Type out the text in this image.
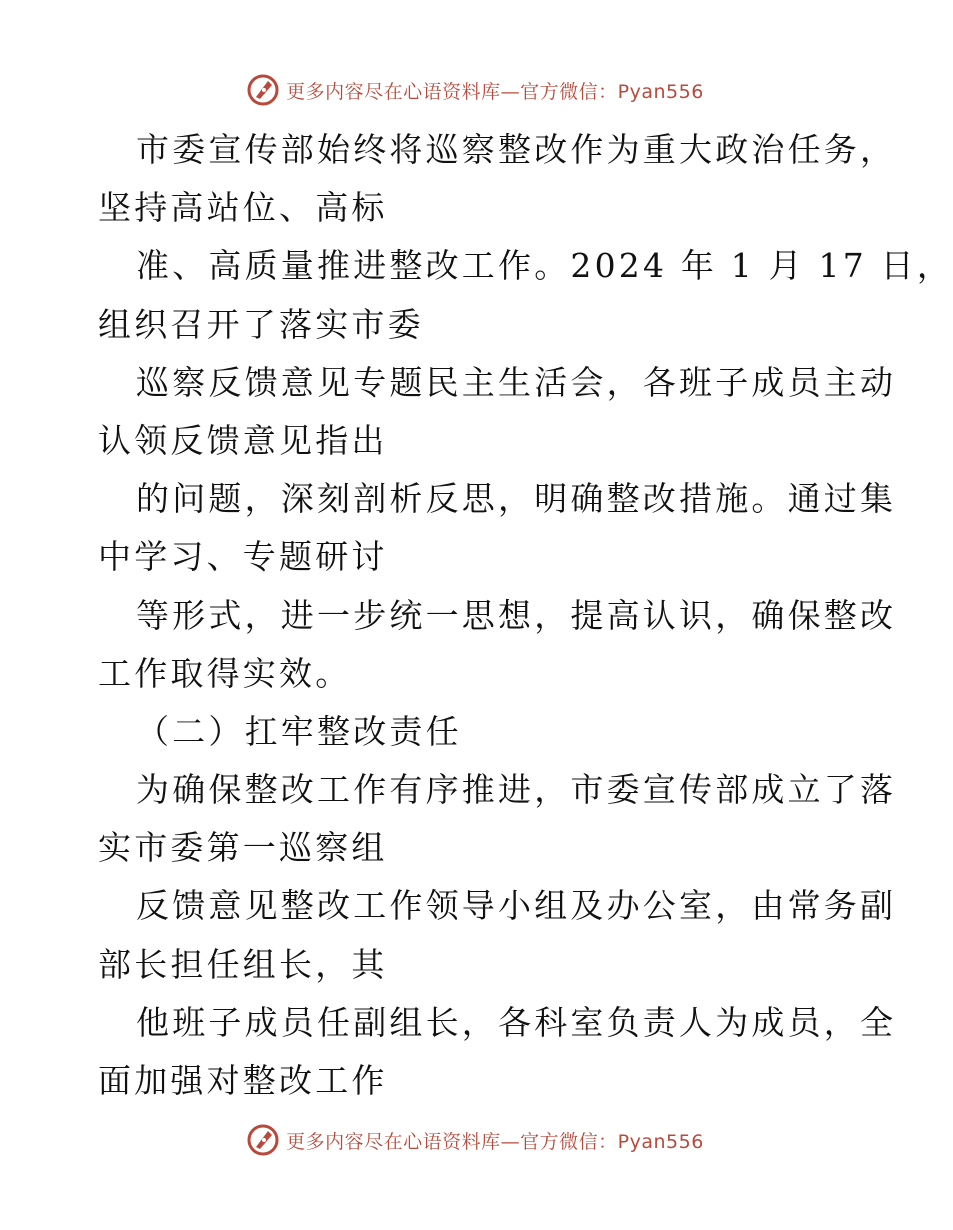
更多内容尽在心语资料库—官方微信：Pyan556
市委宣传部始终将巡察整改作为重大政治任务，
坚持高站位、高标
准、高质量推进整改工作。2024 年 1 月 17 日，
组织召开了落实市委
巡察反馈意见专题民主生活会，各班子成员主动
认领反馈意见指出
的问题，深刻剖析反思，明确整改措施。通过集
中学习、专题研讨
等形式，进一步统一思想，提高认识，确保整改
工作取得实效。
（二）扛牢整改责任
为确保整改工作有序推进，市委宣传部成立了落
实市委第一巡察组
反馈意见整改工作领导小组及办公室，由常务副
部长担任组长，其
他班子成员任副组长，各科室负责人为成员，全
面加强对整改工作
更多内容尽在心语资料库—官方微信：Pyan556
